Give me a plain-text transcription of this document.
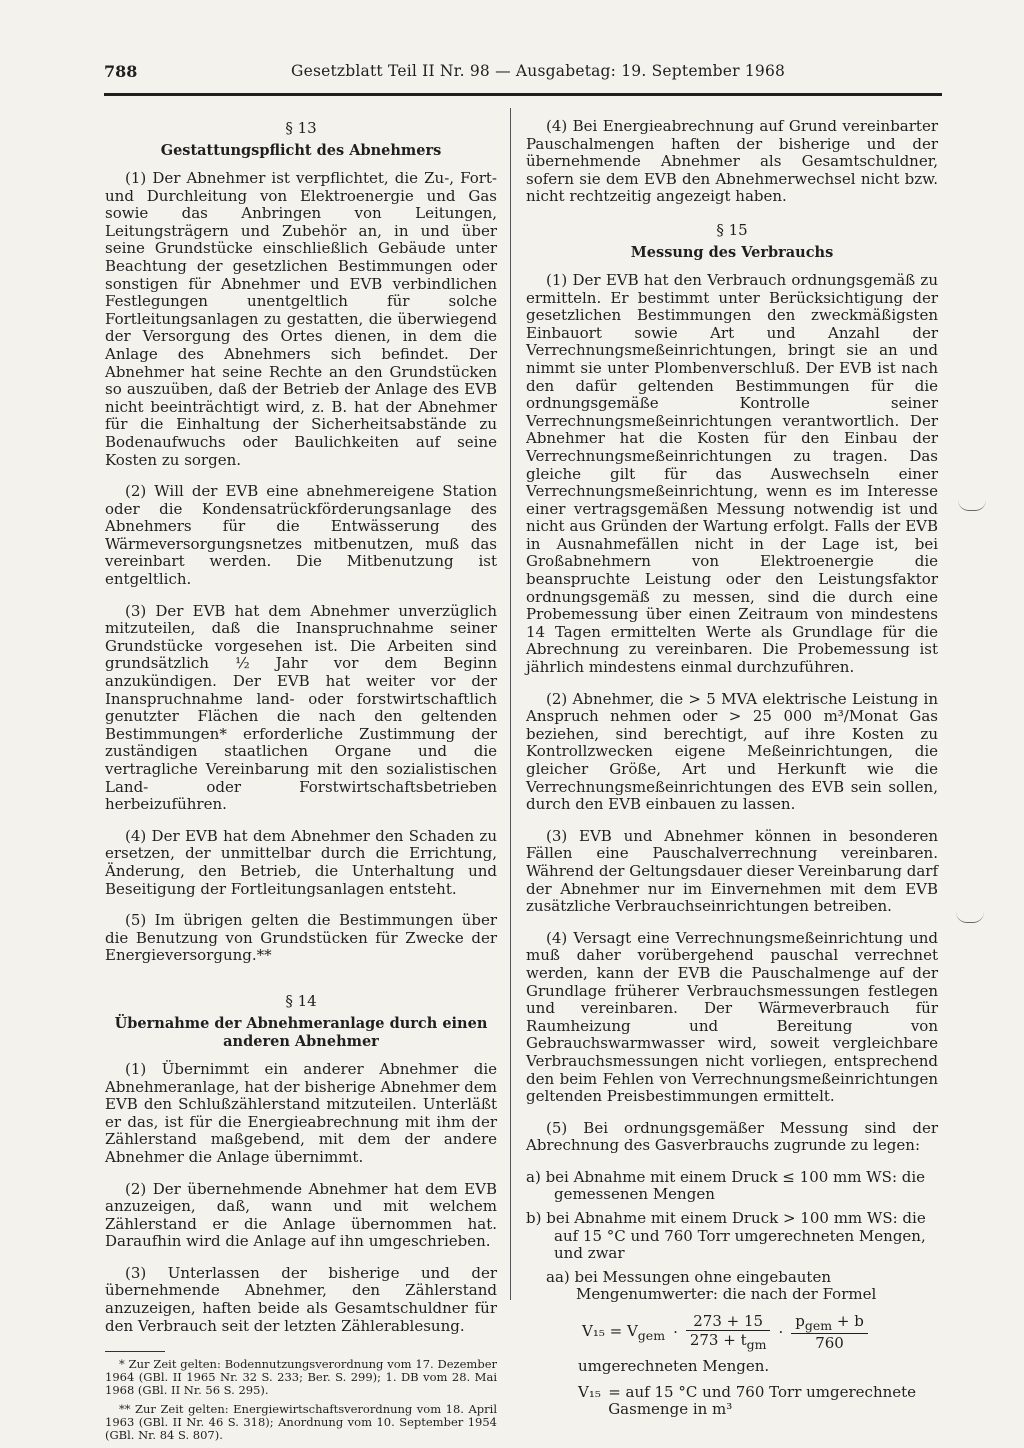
788	Gesetzblatt Teil II Nr. 98 — Ausgabetag: 19. September 1968

§ 13

Gestattungspflicht des Abnehmers

(1) Der Abnehmer ist verpflichtet, die Zu-, Fort- und Durchleitung von Elektroenergie und Gas sowie das Anbringen von Leitungen, Leitungsträgern und Zubehör an, in und über seine Grundstücke einschließlich Gebäude unter Beachtung der gesetzlichen Bestimmungen oder sonstigen für Abnehmer und EVB verbindlichen Festlegungen unentgeltlich für solche Fortleitungsanlagen zu gestatten, die überwiegend der Versorgung des Ortes dienen, in dem die Anlage des Abnehmers sich befindet. Der Abnehmer hat seine Rechte an den Grundstücken so auszuüben, daß der Betrieb der Anlage des EVB nicht beeinträchtigt wird, z. B. hat der Abnehmer für die Einhaltung der Sicherheitsabstände zu Bodenaufwuchs oder Baulichkeiten auf seine Kosten zu sorgen.

(2) Will der EVB eine abnehmereigene Station oder die Kondensatrückförderungsanlage des Abnehmers für die Entwässerung des Wärmeversorgungsnetzes mitbenutzen, muß das vereinbart werden. Die Mitbenutzung ist entgeltlich.

(3) Der EVB hat dem Abnehmer unverzüglich mitzuteilen, daß die Inanspruchnahme seiner Grundstücke vorgesehen ist. Die Arbeiten sind grundsätzlich ½ Jahr vor dem Beginn anzukündigen. Der EVB hat weiter vor der Inanspruchnahme land- oder forstwirtschaftlich genutzter Flächen die nach den geltenden Bestimmungen* erforderliche Zustimmung der zuständigen staatlichen Organe und die vertragliche Vereinbarung mit den sozialistischen Land- oder Forstwirtschaftsbetrieben herbeizuführen.

(4) Der EVB hat dem Abnehmer den Schaden zu ersetzen, der unmittelbar durch die Errichtung, Änderung, den Betrieb, die Unterhaltung und Beseitigung der Fortleitungsanlagen entsteht.

(5) Im übrigen gelten die Bestimmungen über die Benutzung von Grundstücken für Zwecke der Energieversorgung.**

§ 14

Übernahme der Abnehmeranlage durch einen anderen Abnehmer

(1) Übernimmt ein anderer Abnehmer die Abnehmeranlage, hat der bisherige Abnehmer dem EVB den Schlußzählerstand mitzuteilen. Unterläßt er das, ist für die Energieabrechnung mit ihm der Zählerstand maßgebend, mit dem der andere Abnehmer die Anlage übernimmt.

(2) Der übernehmende Abnehmer hat dem EVB anzuzeigen, daß, wann und mit welchem Zählerstand er die Anlage übernommen hat. Daraufhin wird die Anlage auf ihn umgeschrieben.

(3) Unterlassen der bisherige und der übernehmende Abnehmer, den Zählerstand anzuzeigen, haften beide als Gesamtschuldner für den Verbrauch seit der letzten Zählerablesung.

* Zur Zeit gelten: Bodennutzungsverordnung vom 17. Dezember 1964 (GBl. II 1965 Nr. 32 S. 233; Ber. S. 299); 1. DB vom 28. Mai 1968 (GBl. II Nr. 56 S. 295).

** Zur Zeit gelten: Energiewirtschaftsverordnung vom 18. April 1963 (GBl. II Nr. 46 S. 318); Anordnung vom 10. September 1954 (GBl. Nr. 84 S. 807).

(4) Bei Energieabrechnung auf Grund vereinbarter Pauschalmengen haften der bisherige und der übernehmende Abnehmer als Gesamtschuldner, sofern sie dem EVB den Abnehmerwechsel nicht bzw. nicht rechtzeitig angezeigt haben.

§ 15

Messung des Verbrauchs

(1) Der EVB hat den Verbrauch ordnungsgemäß zu ermitteln. Er bestimmt unter Berücksichtigung der gesetzlichen Bestimmungen den zweckmäßigsten Einbauort sowie Art und Anzahl der Verrechnungsmeßeinrichtungen, bringt sie an und nimmt sie unter Plombenverschluß. Der EVB ist nach den dafür geltenden Bestimmungen für die ordnungsgemäße Kontrolle seiner Verrechnungsmeßeinrichtungen verantwortlich. Der Abnehmer hat die Kosten für den Einbau der Verrechnungsmeßeinrichtungen zu tragen. Das gleiche gilt für das Auswechseln einer Verrechnungsmeßeinrichtung, wenn es im Interesse einer vertragsgemäßen Messung notwendig ist und nicht aus Gründen der Wartung erfolgt. Falls der EVB in Ausnahmefällen nicht in der Lage ist, bei Großabnehmern von Elektroenergie die beanspruchte Leistung oder den Leistungsfaktor ordnungsgemäß zu messen, sind die durch eine Probemessung über einen Zeitraum von mindestens 14 Tagen ermittelten Werte als Grundlage für die Abrechnung zu vereinbaren. Die Probemessung ist jährlich mindestens einmal durchzuführen.

(2) Abnehmer, die > 5 MVA elektrische Leistung in Anspruch nehmen oder > 25 000 m³/Monat Gas beziehen, sind berechtigt, auf ihre Kosten zu Kontrollzwecken eigene Meßeinrichtungen, die gleicher Größe, Art und Herkunft wie die Verrechnungsmeßeinrichtungen des EVB sein sollen, durch den EVB einbauen zu lassen.

(3) EVB und Abnehmer können in besonderen Fällen eine Pauschalverrechnung vereinbaren. Während der Geltungsdauer dieser Vereinbarung darf der Abnehmer nur im Einvernehmen mit dem EVB zusätzliche Verbrauchseinrichtungen betreiben.

(4) Versagt eine Verrechnungsmeßeinrichtung und muß daher vorübergehend pauschal verrechnet werden, kann der EVB die Pauschalmenge auf der Grundlage früherer Verbrauchsmessungen festlegen und vereinbaren. Der Wärmeverbrauch für Raumheizung und Bereitung von Gebrauchswarmwasser wird, soweit vergleichbare Verbrauchsmessungen nicht vorliegen, entsprechend den beim Fehlen von Verrechnungsmeßeinrichtungen geltenden Preisbestimmungen ermittelt.

(5) Bei ordnungsgemäßer Messung sind der Abrechnung des Gasverbrauchs zugrunde zu legen:

a) bei Abnahme mit einem Druck ≤ 100 mm WS: die gemessenen Mengen

b) bei Abnahme mit einem Druck > 100 mm WS: die auf 15 °C und 760 Torr umgerechneten Mengen, und zwar

aa) bei Messungen ohne eingebauten Mengenumwerter: die nach der Formel

$V_{15} = V_{gem}$	·	$\frac{273 + 15}{273 + t_{gm}}$	·	$\frac{p_{gem} + b}{760}$

umgerechneten Mengen.

V₁₅ = auf 15 °C und 760 Torr umgerechnete Gasmenge in m³
